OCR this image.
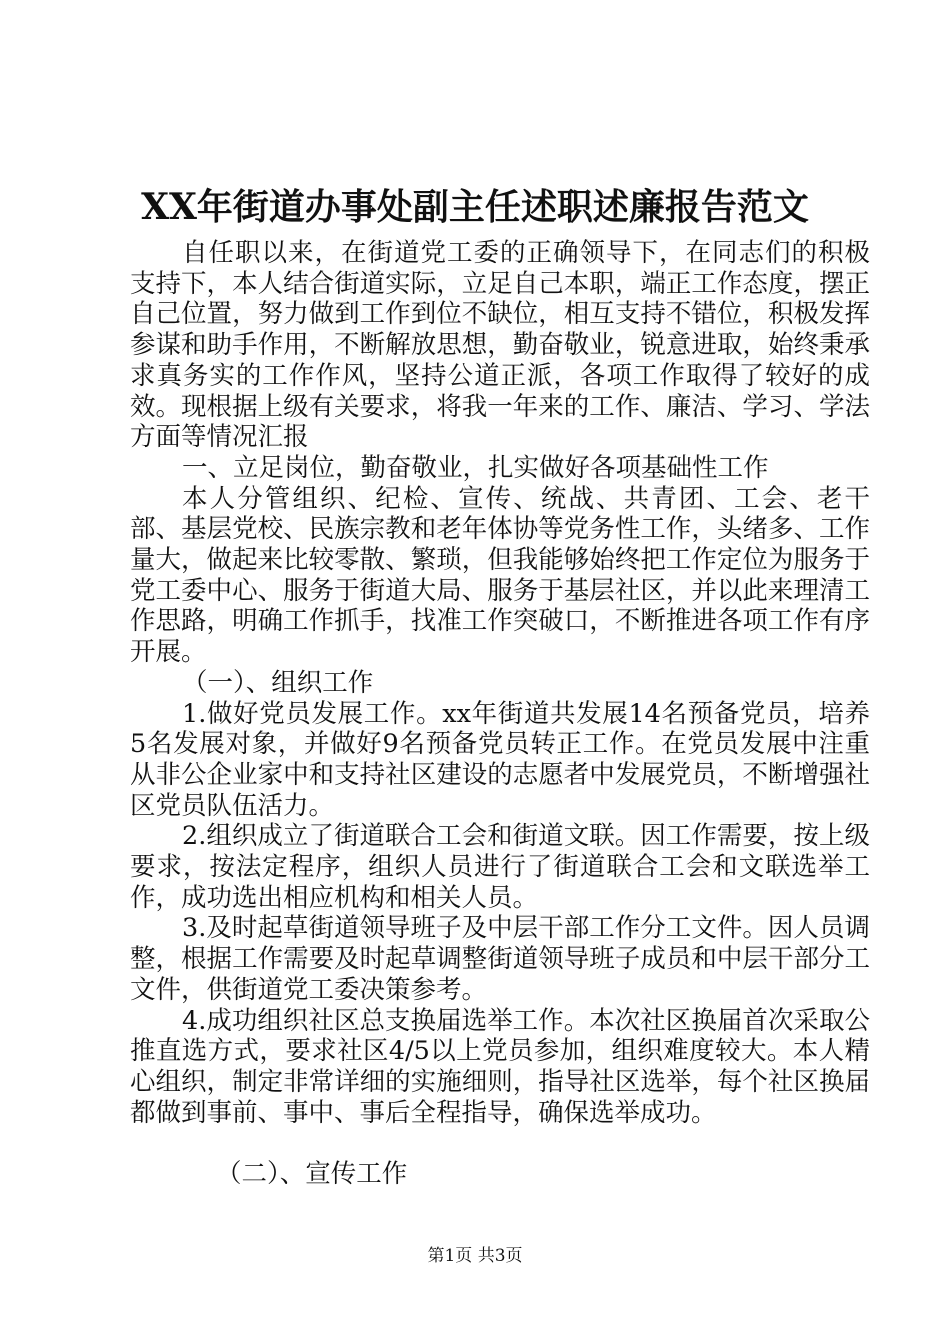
XX年街道办事处副主任述职述廉报告范文

自任职以来，在街道党工委的正确领导下，在同志们的积极支持下，本人结合街道实际，立足自己本职，端正工作态度，摆正自己位置，努力做到工作到位不缺位，相互支持不错位，积极发挥参谋和助手作用，不断解放思想，勤奋敬业，锐意进取，始终秉承求真务实的工作作风，坚持公道正派，各项工作取得了较好的成效。现根据上级有关要求，将我一年来的工作、廉洁、学习、学法方面等情况汇报

一、立足岗位，勤奋敬业，扎实做好各项基础性工作

本人分管组织、纪检、宣传、统战、共青团、工会、老干部、基层党校、民族宗教和老年体协等党务性工作，头绪多、工作量大，做起来比较零散、繁琐，但我能够始终把工作定位为服务于党工委中心、服务于街道大局、服务于基层社区，并以此来理清工作思路，明确工作抓手，找准工作突破口，不断推进各项工作有序开展。

（一）、组织工作

1.做好党员发展工作。xx年街道共发展14名预备党员，培养5名发展对象，并做好9名预备党员转正工作。在党员发展中注重从非公企业家中和支持社区建设的志愿者中发展党员，不断增强社区党员队伍活力。

2.组织成立了街道联合工会和街道文联。因工作需要，按上级要求，按法定程序，组织人员进行了街道联合工会和文联选举工作，成功选出相应机构和相关人员。

3.及时起草街道领导班子及中层干部工作分工文件。因人员调整，根据工作需要及时起草调整街道领导班子成员和中层干部分工文件，供街道党工委决策参考。

4.成功组织社区总支换届选举工作。本次社区换届首次采取公推直选方式，要求社区4/5以上党员参加，组织难度较大。本人精心组织，制定非常详细的实施细则，指导社区选举，每个社区换届都做到事前、事中、事后全程指导，确保选举成功。

（二）、宣传工作

第1页 共3页
